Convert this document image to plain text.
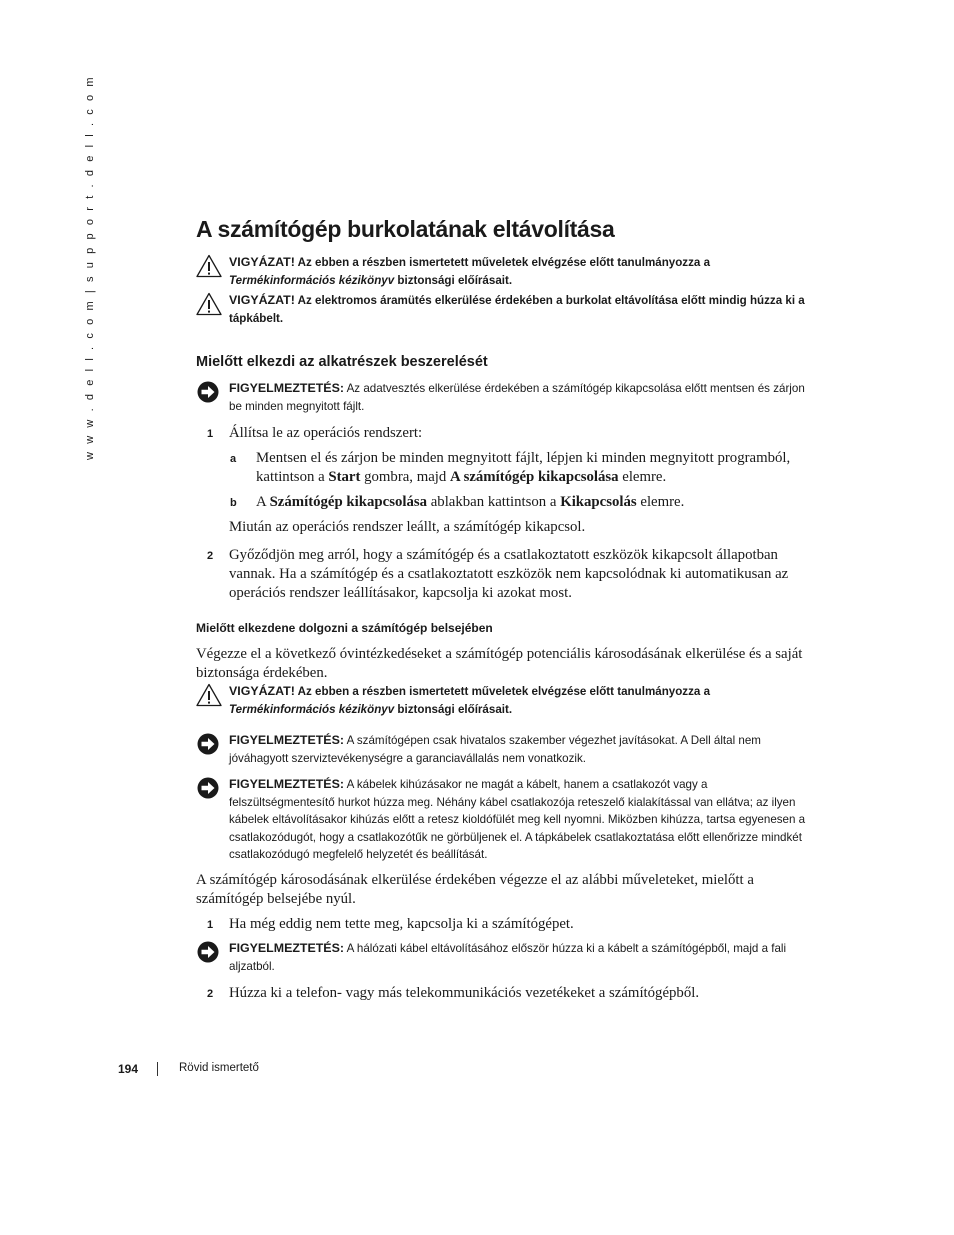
w w w . d e l l . c o m | s u p p o r t . d e l l . c o m	A számítógép burkolatának eltávolítása
VIGYÁZAT! Az ebben a részben ismertetett műveletek elvégzése előtt tanulmányozza a
Termékinformációs kézikönyv biztonsági előírásait.
VIGYÁZAT! Az elektromos áramütés elkerülése érdekében a burkolat eltávolítása előtt mindig húzza ki a tápkábelt.
Mielőtt elkezdi az alkatrészek beszerelését
FIGYELMEZTETÉS: Az adatvesztés elkerülése érdekében a számítógép kikapcsolása előtt mentsen és zárjon be minden megnyitott fájlt.
1 Állítsa le az operációs rendszert:
a Mentsen el és zárjon be minden megnyitott fájlt, lépjen ki minden megnyitott programból, kattintson a Start gombra, majd A számítógép kikapcsolása elemre.
b A Számítógép kikapcsolása ablakban kattintson a Kikapcsolás elemre.
Miután az operációs rendszer leállt, a számítógép kikapcsol.
2 Győződjön meg arról, hogy a számítógép és a csatlakoztatott eszközök kikapcsolt állapotban vannak. Ha a számítógép és a csatlakoztatott eszközök nem kapcsolódnak ki automatikusan az operációs rendszer leállításakor, kapcsolja ki azokat most.
Mielőtt elkezdene dolgozni a számítógép belsejében
Végezze el a következő óvintézkedéseket a számítógép potenciális károsodásának elkerülése és a saját biztonsága érdekében.
VIGYÁZAT! Az ebben a részben ismertetett műveletek elvégzése előtt tanulmányozza a
Termékinformációs kézikönyv biztonsági előírásait.
FIGYELMEZTETÉS: A számítógépen csak hivatalos szakember végezhet javításokat. A Dell által nem jóváhagyott szerviztevékenységre a garanciavállalás nem vonatkozik.
FIGYELMEZTETÉS: A kábelek kihúzásakor ne magát a kábelt, hanem a csatlakozót vagy a felszültségmentesítő hurkot húzza meg. Néhány kábel csatlakozója reteszelő kialakítással van ellátva; az ilyen kábelek eltávolításakor kihúzás előtt a retesz kioldófülét meg kell nyomni. Miközben kihúzza, tartsa egyenesen a csatlakozódugót, hogy a csatlakozótűk ne görbüljenek el. A tápkábelek csatlakoztatása előtt ellenőrizze mindkét csatlakozódugó megfelelő helyzetét és beállítását.
A számítógép károsodásának elkerülése érdekében végezze el az alábbi műveleteket, mielőtt a számítógép belsejébe nyúl.
1 Ha még eddig nem tette meg, kapcsolja ki a számítógépet.
FIGYELMEZTETÉS: A hálózati kábel eltávolításához először húzza ki a kábelt a számítógépből, majd a fali aljzatból.
2 Húzza ki a telefon- vagy más telekommunikációs vezetékeket a számítógépből.
194	Rövid ismertető
